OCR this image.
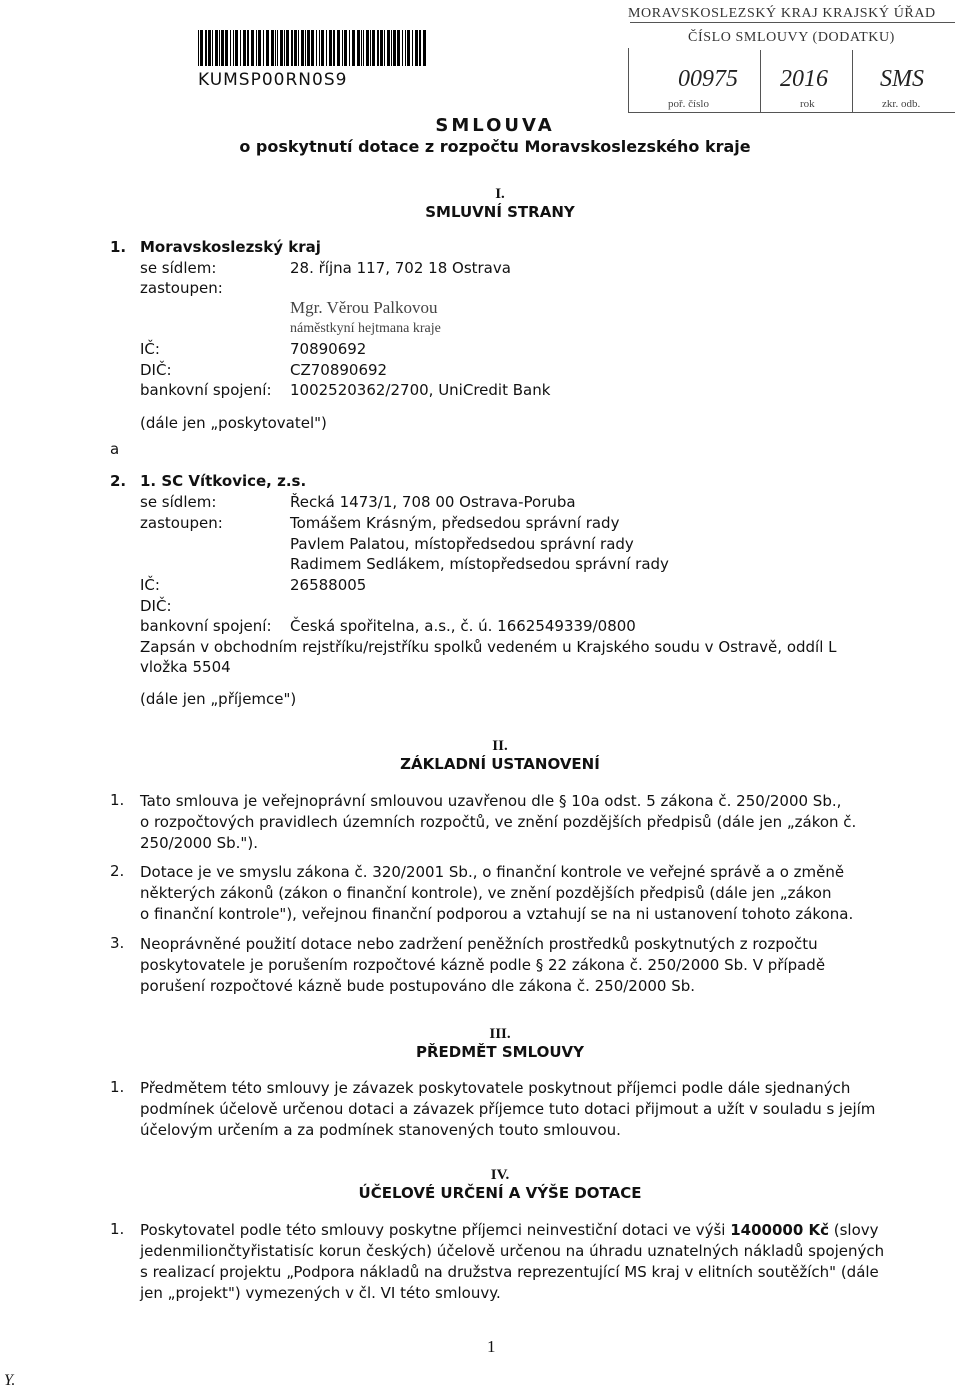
KUMSP00RN0S9
MORAVSKOSLEZSKÝ KRAJ KRAJSKÝ ÚŘAD
ČÍSLO SMLOUVY (DODATKU)
00975 2016 SMS
poř. číslo	rok	zkr. odb.
SMLOUVA
o poskytnutí dotace z rozpočtu Moravskoslezského kraje
I.
SMLUVNÍ STRANY
1. Moravskoslezský kraj
se sídlem:	28. října 117, 702 18 Ostrava
zastoupen:
Mgr. Věrou Palkovou
náměstkyní hejtmana kraje
IČ:	70890692
DIČ:	CZ70890692
bankovní spojení: 1002520362/2700, UniCredit Bank
(dále jen „poskytovatel")
a
2. 1. SC Vítkovice, z.s.
se sídlem:	Řecká 1473/1, 708 00 Ostrava-Poruba
zastoupen:	Tomášem Krásným, předsedou správní rady
Pavlem Palatou, místopředsedou správní rady
Radimem Sedlákem, místopředsedou správní rady
IČ:	26588005
DIČ:
bankovní spojení: Česká spořitelna, a.s., č. ú. 1662549339/0800
Zapsán v obchodním rejstříku/rejstříku spolků vedeném u Krajského soudu v Ostravě, oddíl L
vložka 5504
(dále jen „příjemce")
II.
ZÁKLADNÍ USTANOVENÍ
1. Tato smlouva je veřejnoprávní smlouvou uzavřenou dle § 10a odst. 5 zákona č. 250/2000 Sb.,
o rozpočtových pravidlech územních rozpočtů, ve znění pozdějších předpisů (dále jen „zákon č.
250/2000 Sb.").
2. Dotace je ve smyslu zákona č. 320/2001 Sb., o finanční kontrole ve veřejné správě a o změně
některých zákonů (zákon o finanční kontrole), ve znění pozdějších předpisů (dále jen „zákon
o finanční kontrole"), veřejnou finanční podporou a vztahují se na ni ustanovení tohoto zákona.
3. Neoprávněné použití dotace nebo zadržení peněžních prostředků poskytnutých z rozpočtu
poskytovatele je porušením rozpočtové kázně podle § 22 zákona č. 250/2000 Sb. V případě
porušení rozpočtové kázně bude postupováno dle zákona č. 250/2000 Sb.
III.
PŘEDMĚT SMLOUVY
1. Předmětem této smlouvy je závazek poskytovatele poskytnout příjemci podle dále sjednaných
podmínek účelově určenou dotaci a závazek příjemce tuto dotaci přijmout a užít v souladu s jejím
účelovým určením a za podmínek stanovených touto smlouvou.
IV.
ÚČELOVÉ URČENÍ A VÝŠE DOTACE
1. Poskytovatel podle této smlouvy poskytne příjemci neinvestiční dotaci ve výši 1400000 Kč (slovy
jedenmiliončtyřistatisíc korun českých) účelově určenou na úhradu uznatelných nákladů spojených
s realizací projektu „Podpora nákladů na družstva reprezentující MS kraj v elitních soutěžích" (dále
jen „projekt") vymezených v čl. VI této smlouvy.
1
Y.
